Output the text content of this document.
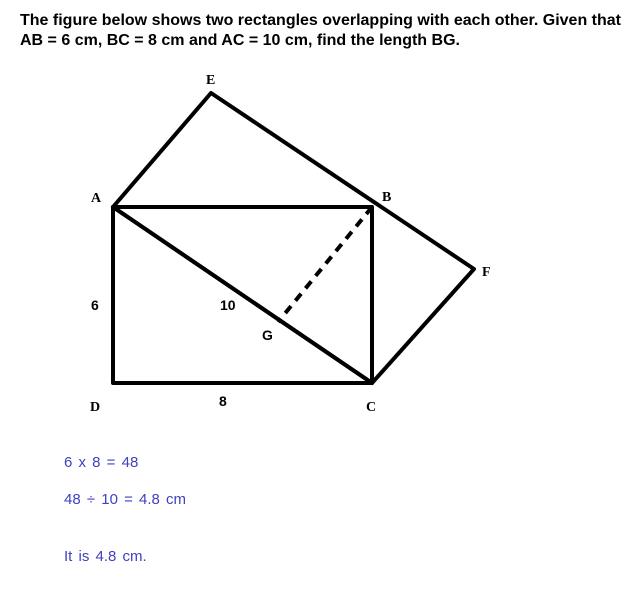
The figure below shows two rectangles overlapping with each other. Given that AB = 6 cm, BC = 8 cm and AC = 10 cm, find the length BG.
A	B
C
D
E
F
G
6
8
10
6 x 8 = 48
48 ÷ 10 = 4.8 cm
It is 4.8 cm.
